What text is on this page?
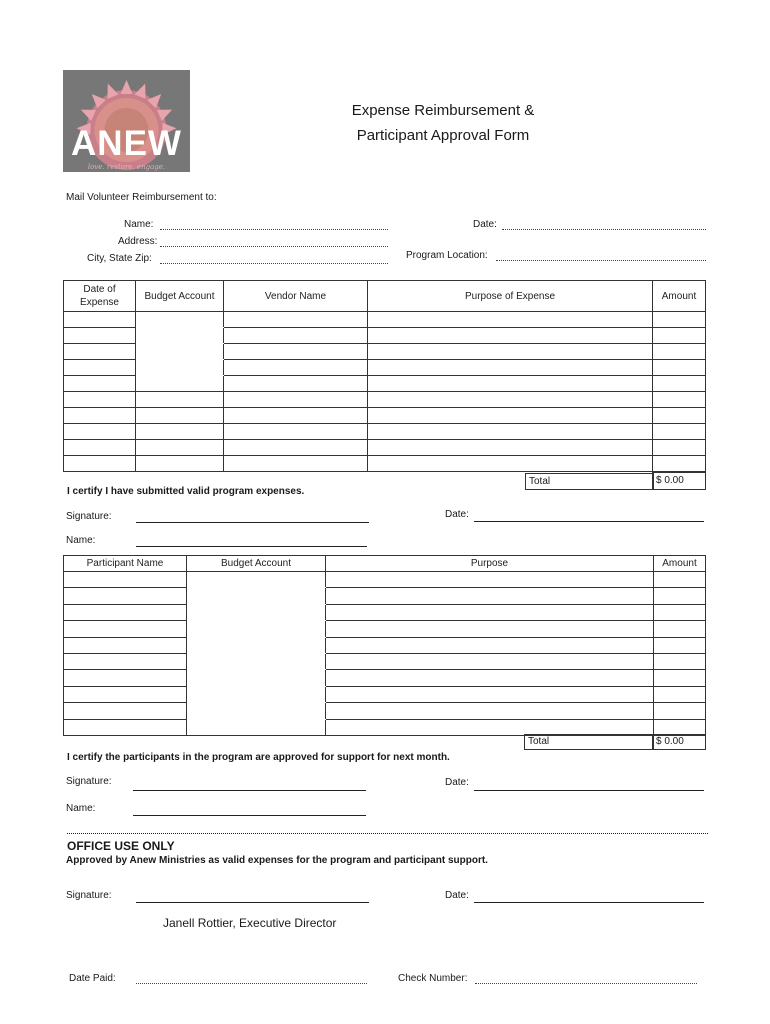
ANEW
love. restore. engage.
Expense Reimbursement &
Participant Approval Form
Mail Volunteer Reimbursement to:
Name:
Address:
City, State Zip:
Date:
Program Location:
Date of Expense	Budget Account	Vendor Name	Purpose of Expense	Amount

Total	$ 0.00
I certify I have submitted valid program expenses.
Signature:	Date:
Name:
Participant Name	Budget Account	Purpose	Amount

Total	$ 0.00
I certify the participants in the program are approved for support for next month.
Signature:	Date:
Name:
OFFICE USE ONLY
Approved by Anew Ministries as valid expenses for the program and participant support.
Signature:	Date:
Janell Rottier, Executive Director
Date Paid:	Check Number:
